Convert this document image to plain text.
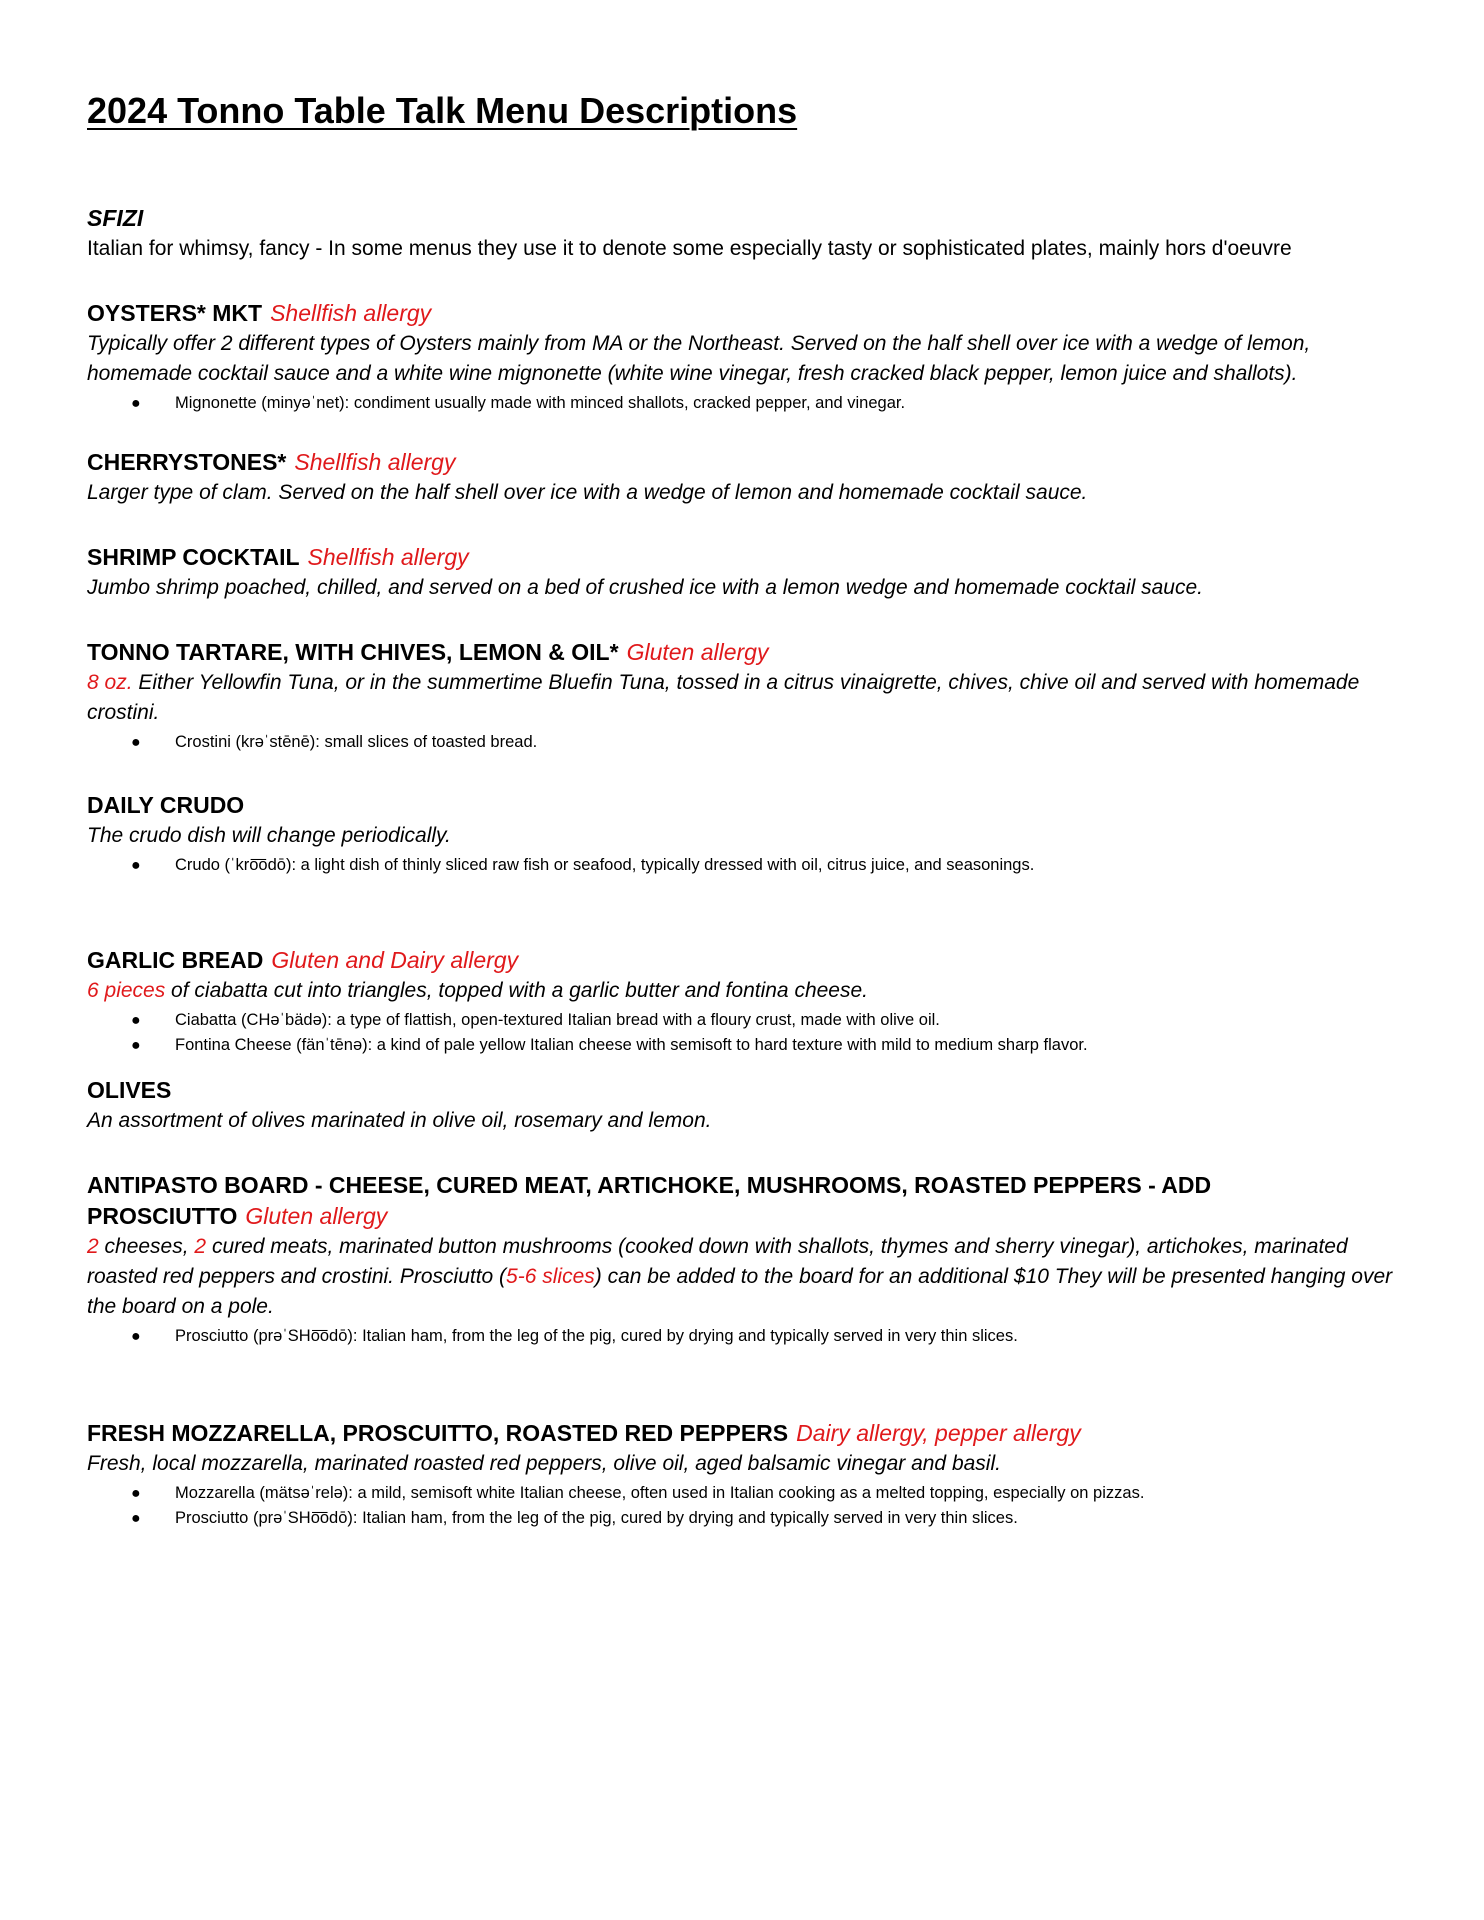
2024 Tonno Table Talk Menu Descriptions
SFIZI
Italian for whimsy, fancy - In some menus they use it to denote some especially tasty or sophisticated plates, mainly hors d'oeuvre
OYSTERS* MKT Shellfish allergy
Typically offer 2 different types of Oysters mainly from MA or the Northeast. Served on the half shell over ice with a wedge of lemon, homemade cocktail sauce and a white wine mignonette (white wine vinegar, fresh cracked black pepper, lemon juice and shallots).
● Mignonette (minyəˈnet): condiment usually made with minced shallots, cracked pepper, and vinegar.
CHERRYSTONES* Shellfish allergy
Larger type of clam. Served on the half shell over ice with a wedge of lemon and homemade cocktail sauce.
SHRIMP COCKTAIL Shellfish allergy
Jumbo shrimp poached, chilled, and served on a bed of crushed ice with a lemon wedge and homemade cocktail sauce.
TONNO TARTARE, WITH CHIVES, LEMON & OIL* Gluten allergy
8 oz. Either Yellowfin Tuna, or in the summertime Bluefin Tuna, tossed in a citrus vinaigrette, chives, chive oil and served with homemade crostini.
● Crostini (krəˈstēnē): small slices of toasted bread.
DAILY CRUDO
The crudo dish will change periodically.
● Crudo (ˈkro͞odō): a light dish of thinly sliced raw fish or seafood, typically dressed with oil, citrus juice, and seasonings.
GARLIC BREAD Gluten and Dairy allergy
6 pieces of ciabatta cut into triangles, topped with a garlic butter and fontina cheese.
● Ciabatta (CHəˈbädə): a type of flattish, open-textured Italian bread with a floury crust, made with olive oil.
● Fontina Cheese (fänˈtēnə): a kind of pale yellow Italian cheese with semisoft to hard texture with mild to medium sharp flavor.
OLIVES
An assortment of olives marinated in olive oil, rosemary and lemon.
ANTIPASTO BOARD - CHEESE, CURED MEAT, ARTICHOKE, MUSHROOMS, ROASTED PEPPERS - ADD PROSCIUTTO Gluten allergy
2 cheeses, 2 cured meats, marinated button mushrooms (cooked down with shallots, thymes and sherry vinegar), artichokes, marinated roasted red peppers and crostini. Prosciutto (5-6 slices) can be added to the board for an additional $10 They will be presented hanging over the board on a pole.
● Prosciutto (prəˈSHo͞odō): Italian ham, from the leg of the pig, cured by drying and typically served in very thin slices.
FRESH MOZZARELLA, PROSCUITTO, ROASTED RED PEPPERS Dairy allergy, pepper allergy
Fresh, local mozzarella, marinated roasted red peppers, olive oil, aged balsamic vinegar and basil.
● Mozzarella (mätsəˈrelə): a mild, semisoft white Italian cheese, often used in Italian cooking as a melted topping, especially on pizzas.
● Prosciutto (prəˈSHo͞odō): Italian ham, from the leg of the pig, cured by drying and typically served in very thin slices.
